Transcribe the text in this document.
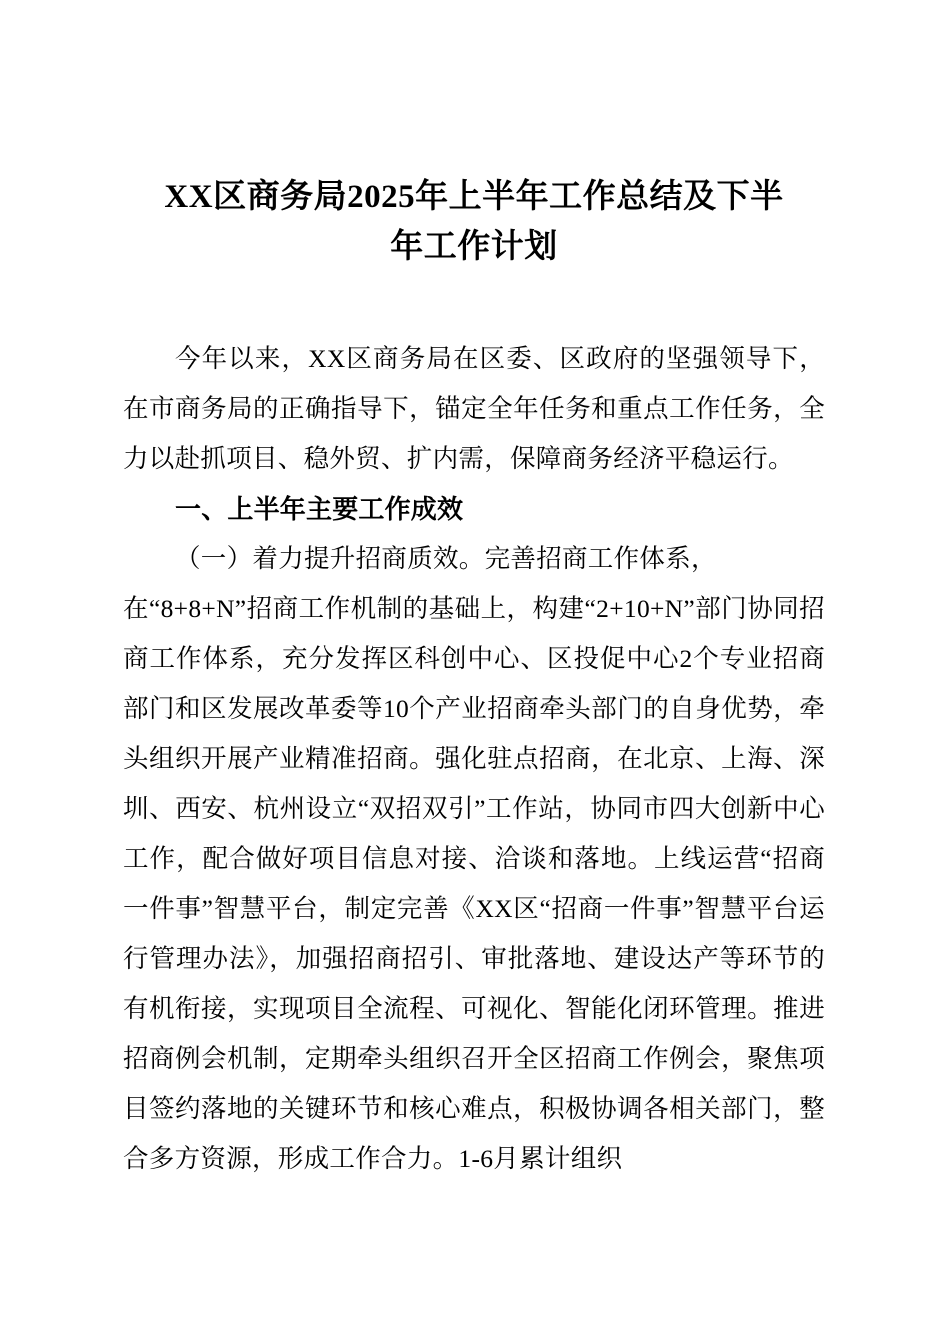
XX区商务局2025年上半年工作总结及下半
年工作计划

今年以来，XX区商务局在区委、区政府的坚强领导下，在市商务局的正确指导下，锚定全年任务和重点工作任务，全力以赴抓项目、稳外贸、扩内需，保障商务经济平稳运行。

一、上半年主要工作成效

（一）着力提升招商质效。完善招商工作体系，
在“8+8+N”招商工作机制的基础上，构建“2+10+N”部门协同招商工作体系，充分发挥区科创中心、区投促中心2个专业招商部门和区发展改革委等10个产业招商牵头部门的自身优势，牵头组织开展产业精准招商。强化驻点招商，在北京、上海、深圳、西安、杭州设立“双招双引”工作站，协同市四大创新中心工作，配合做好项目信息对接、洽谈和落地。上线运营“招商一件事”智慧平台，制定完善《XX区“招商一件事”智慧平台运行管理办法》，加强招商招引、审批落地、建设达产等环节的有机衔接，实现项目全流程、可视化、智能化闭环管理。推进招商例会机制，定期牵头组织召开全区招商工作例会，聚焦项目签约落地的关键环节和核心难点，积极协调各相关部门，整合多方资源，形成工作合力。1-6月累计组织
